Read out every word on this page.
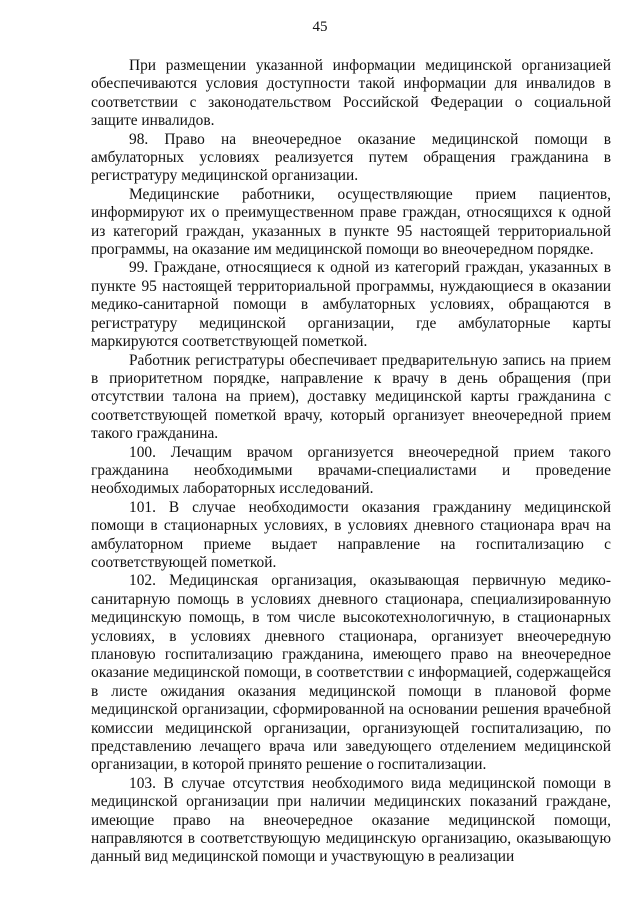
45

При размещении указанной информации медицинской организацией обеспечиваются условия доступности такой информации для инвалидов в соответствии с законодательством Российской Федерации о социальной защите инвалидов.

98. Право на внеочередное оказание медицинской помощи в амбулаторных условиях реализуется путем обращения гражданина в регистратуру медицинской организации.

Медицинские работники, осуществляющие прием пациентов, информируют их о преимущественном праве граждан, относящихся к одной из категорий граждан, указанных в пункте 95 настоящей территориальной программы, на оказание им медицинской помощи во внеочередном порядке.

99. Граждане, относящиеся к одной из категорий граждан, указанных в пункте 95 настоящей территориальной программы, нуждающиеся в оказании медико-санитарной помощи в амбулаторных условиях, обращаются в регистратуру медицинской организации, где амбулаторные карты маркируются соответствующей пометкой.

Работник регистратуры обеспечивает предварительную запись на прием в приоритетном порядке, направление к врачу в день обращения (при отсутствии талона на прием), доставку медицинской карты гражданина с соответствующей пометкой врачу, который организует внеочередной прием такого гражданина.

100. Лечащим врачом организуется внеочередной прием такого гражданина необходимыми врачами-специалистами и проведение необходимых лабораторных исследований.

101. В случае необходимости оказания гражданину медицинской помощи в стационарных условиях, в условиях дневного стационара врач на амбулаторном приеме выдает направление на госпитализацию с соответствующей пометкой.

102. Медицинская организация, оказывающая первичную медико-санитарную помощь в условиях дневного стационара, специализированную медицинскую помощь, в том числе высокотехнологичную, в стационарных условиях, в условиях дневного стационара, организует внеочередную плановую госпитализацию гражданина, имеющего право на внеочередное оказание медицинской помощи, в соответствии с информацией, содержащейся в листе ожидания оказания медицинской помощи в плановой форме медицинской организации, сформированной на основании решения врачебной комиссии медицинской организации, организующей госпитализацию, по представлению лечащего врача или заведующего отделением медицинской организации, в которой принято решение о госпитализации.

103. В случае отсутствия необходимого вида медицинской помощи в медицинской организации при наличии медицинских показаний граждане, имеющие право на внеочередное оказание медицинской помощи, направляются в соответствующую медицинскую организацию, оказывающую данный вид медицинской помощи и участвующую в реализации
